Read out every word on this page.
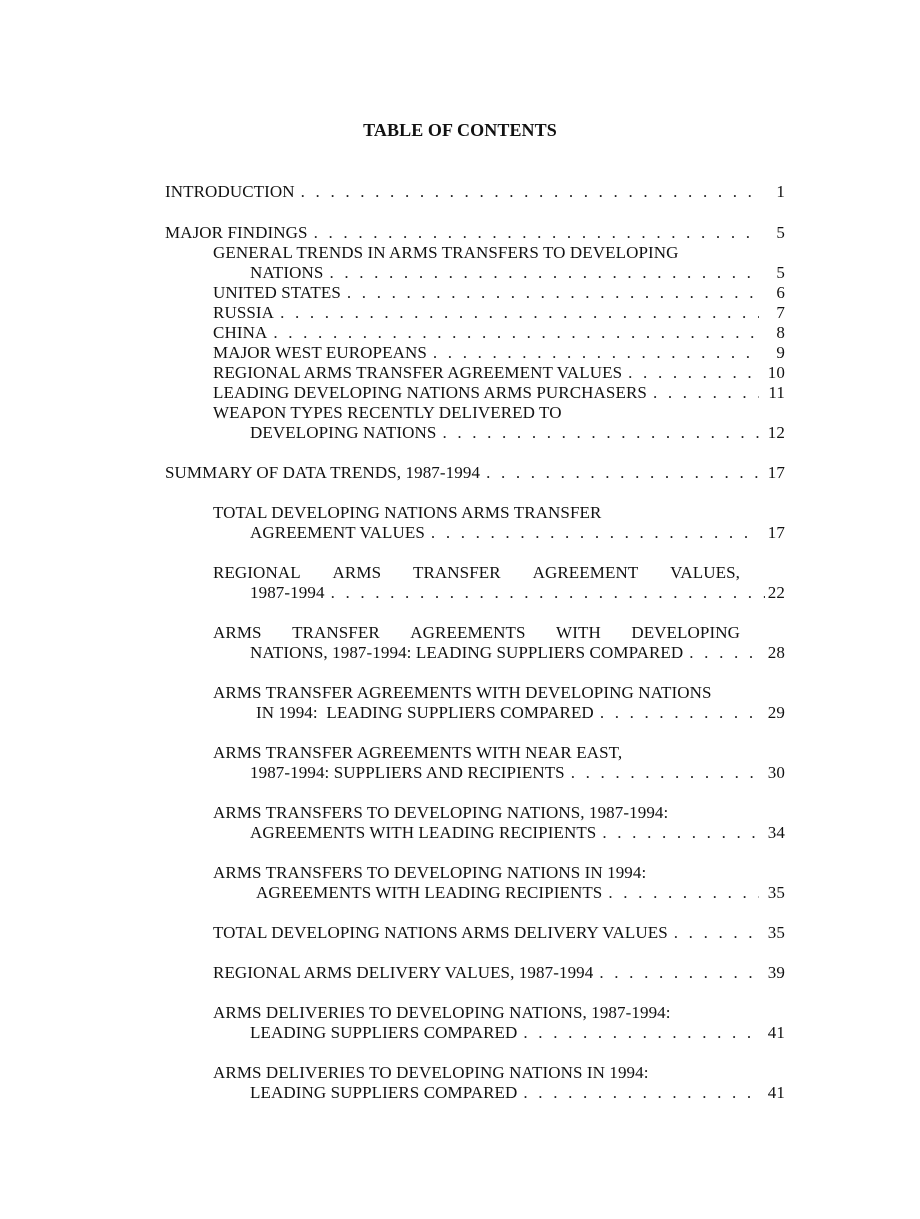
TABLE OF CONTENTS
INTRODUCTION . . .	1
MAJOR FINDINGS . . .	5
GENERAL TRENDS IN ARMS TRANSFERS TO DEVELOPING
NATIONS . . .	5
UNITED STATES . . .	6
RUSSIA . . .	7
CHINA . . .	8
MAJOR WEST EUROPEANS . . .	9
REGIONAL ARMS TRANSFER AGREEMENT VALUES . . .	10
LEADING DEVELOPING NATIONS ARMS PURCHASERS . . .	11
WEAPON TYPES RECENTLY DELIVERED TO
DEVELOPING NATIONS . . .	12
SUMMARY OF DATA TRENDS, 1987-1994 . . .	17
TOTAL DEVELOPING NATIONS ARMS TRANSFER
AGREEMENT VALUES . . .	17
REGIONAL ARMS TRANSFER AGREEMENT VALUES,
1987-1994 . . .	22
ARMS TRANSFER AGREEMENTS WITH DEVELOPING
NATIONS, 1987-1994: LEADING SUPPLIERS COMPARED . . .	28
ARMS TRANSFER AGREEMENTS WITH DEVELOPING NATIONS
IN 1994:  LEADING SUPPLIERS COMPARED . . .	29
ARMS TRANSFER AGREEMENTS WITH NEAR EAST,
1987-1994: SUPPLIERS AND RECIPIENTS . . .	30
ARMS TRANSFERS TO DEVELOPING NATIONS, 1987-1994:
AGREEMENTS WITH LEADING RECIPIENTS . . .	34
ARMS TRANSFERS TO DEVELOPING NATIONS IN 1994:
AGREEMENTS WITH LEADING RECIPIENTS . . .	35
TOTAL DEVELOPING NATIONS ARMS DELIVERY VALUES . . .	35
REGIONAL ARMS DELIVERY VALUES, 1987-1994 . . .	39
ARMS DELIVERIES TO DEVELOPING NATIONS, 1987-1994:
LEADING SUPPLIERS COMPARED . . .	41
ARMS DELIVERIES TO DEVELOPING NATIONS IN 1994:
LEADING SUPPLIERS COMPARED . . .	41
